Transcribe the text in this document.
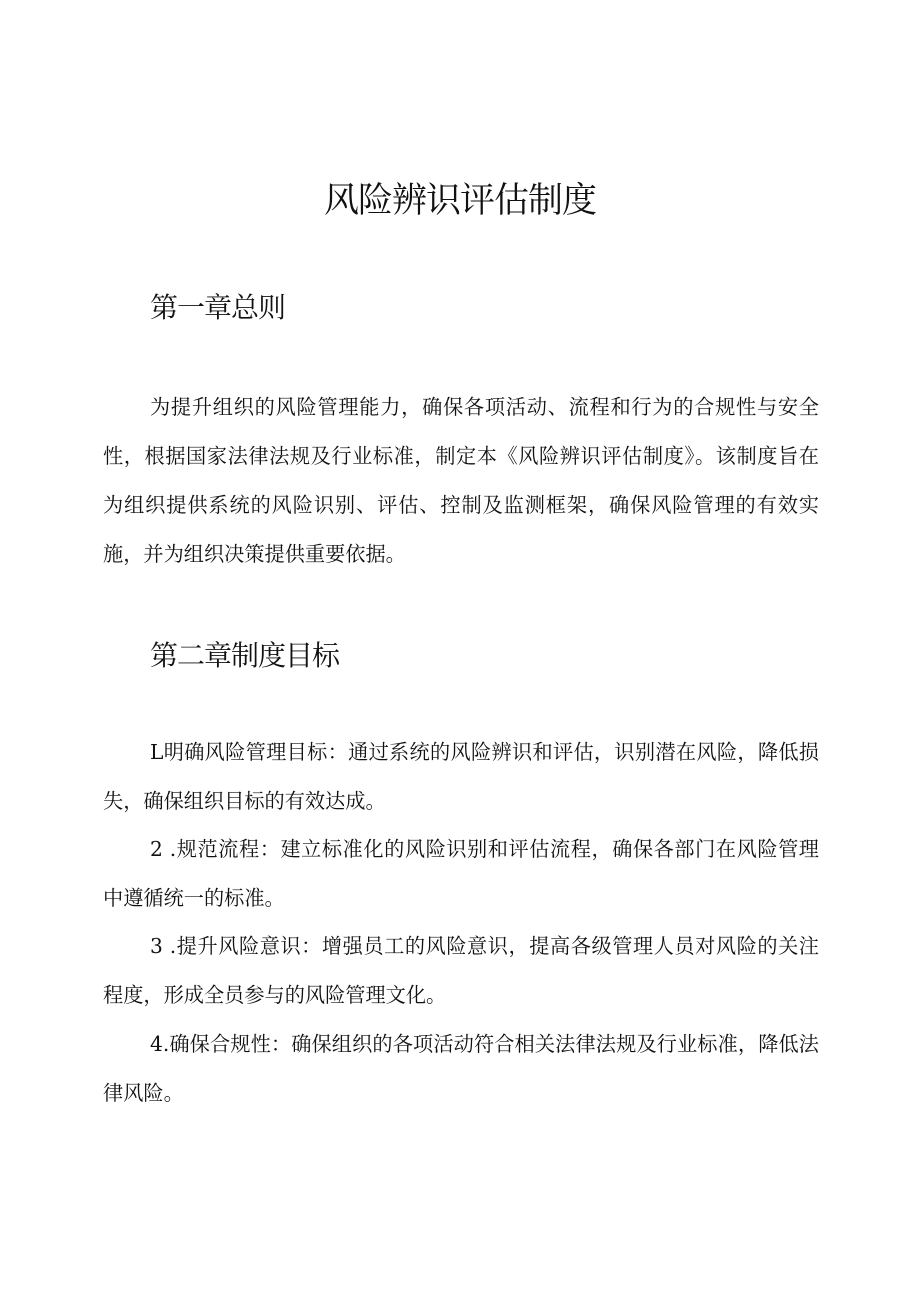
风险辨识评估制度
第一章总则

为提升组织的风险管理能力，确保各项活动、流程和行为的合规性与安全性，根据国家法律法规及行业标准，制定本《风险辨识评估制度》。该制度旨在为组织提供系统的风险识别、评估、控制及监测框架，确保风险管理的有效实施，并为组织决策提供重要依据。

第二章制度目标

L明确风险管理目标：通过系统的风险辨识和评估，识别潜在风险，降低损失，确保组织目标的有效达成。

2 .规范流程：建立标准化的风险识别和评估流程，确保各部门在风险管理中遵循统一的标准。

3 .提升风险意识：增强员工的风险意识，提高各级管理人员对风险的关注程度，形成全员参与的风险管理文化。

4.确保合规性：确保组织的各项活动符合相关法律法规及行业标准，降低法律风险。
